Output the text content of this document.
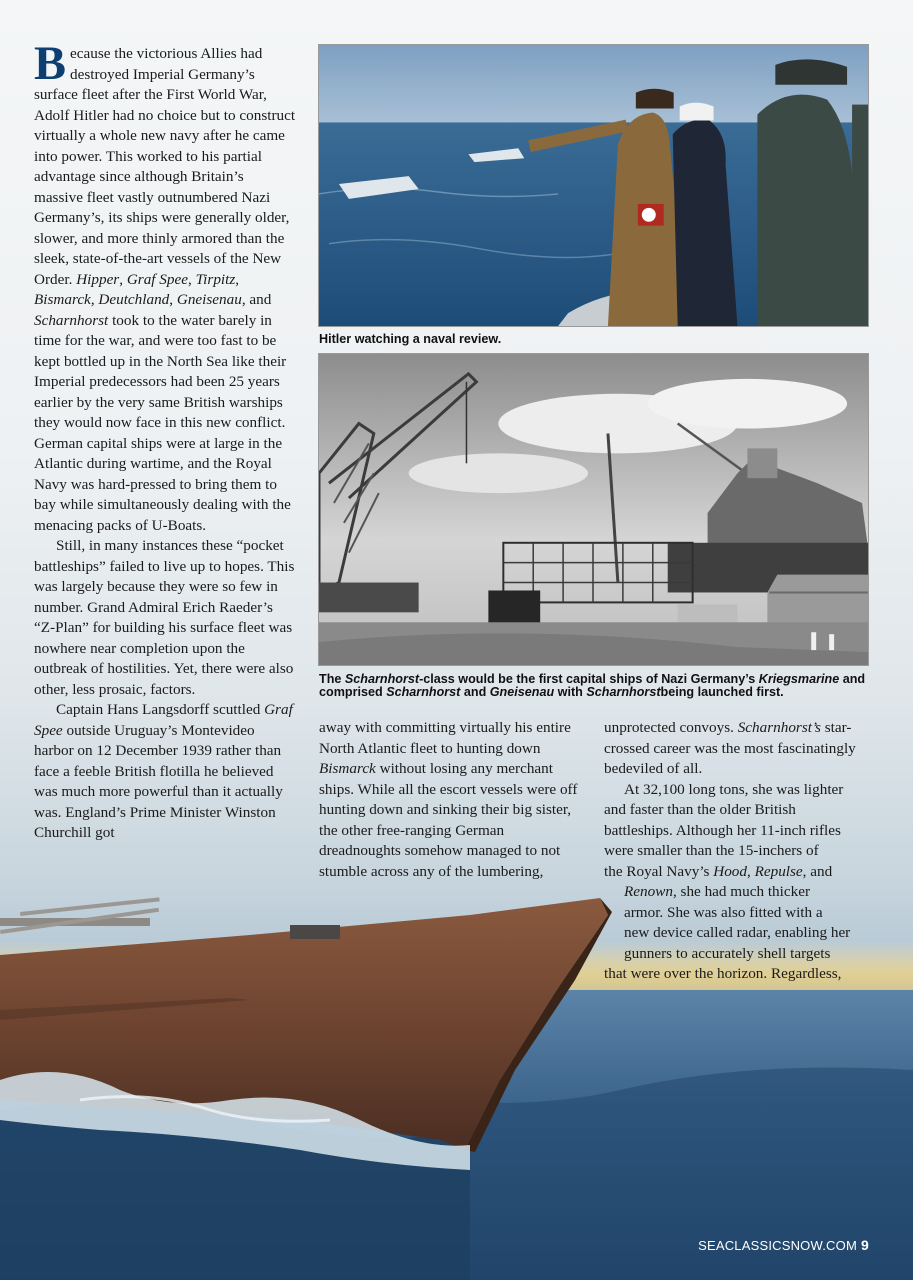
Because the victorious Allies had destroyed Imperial Germany’s surface fleet after the First World War, Adolf Hitler had no choice but to construct virtually a whole new navy after he came into power. This worked to his partial advantage since although Britain’s massive fleet vastly outnumbered Nazi Germany’s, its ships were generally older, slower, and more thinly armored than the sleek, state-of-the-art vessels of the New Order. Hipper, Graf Spee, Tirpitz, Bismarck, Deutchland, Gneisenau, and Scharnhorst took to the water barely in time for the war, and were too fast to be kept bottled up in the North Sea like their Imperial predecessors had been 25 years earlier by the very same British warships they would now face in this new conflict. German capital ships were at large in the Atlantic during wartime, and the Royal Navy was hard-pressed to bring them to bay while simultaneously dealing with the menacing packs of U-Boats.

Still, in many instances these “pocket battleships” failed to live up to hopes. This was largely because they were so few in number. Grand Admiral Erich Raeder’s “Z-Plan” for building his surface fleet was nowhere near completion upon the outbreak of hostilities. Yet, there were also other, less prosaic, factors.

Captain Hans Langsdorff scuttled Graf Spee outside Uruguay’s Montevideo harbor on 12 December 1939 rather than face a feeble British flotilla he believed was much more powerful than it actually was. England’s Prime Minister Winston Churchill got

Hitler watching a naval review.
The Scharnhorst-class would be the first capital ships of Nazi Germany’s Kriegsmarine and comprised Scharnhorst and Gneisenau with Scharnhorstbeing launched first.

away with committing virtually his entire North Atlantic fleet to hunting down Bismarck without losing any merchant ships. While all the escort vessels were off hunting down and sinking their big sister, the other free-ranging German dreadnoughts somehow managed to not stumble across any of the lumbering,

unprotected convoys. Scharnhorst’s star-crossed career was the most fascinatingly bedeviled of all.

At 32,100 long tons, she was lighter
and faster than the older British
battleships. Although her 11-inch rifles
were smaller than the 15-inchers of
the Royal Navy’s Hood, Repulse, and
Renown, she had much thicker
armor. She was also fitted with a
new device called radar, enabling her
gunners to accurately shell targets
that were over the horizon. Regardless,

SEACLASSICSNOW.COM 9
